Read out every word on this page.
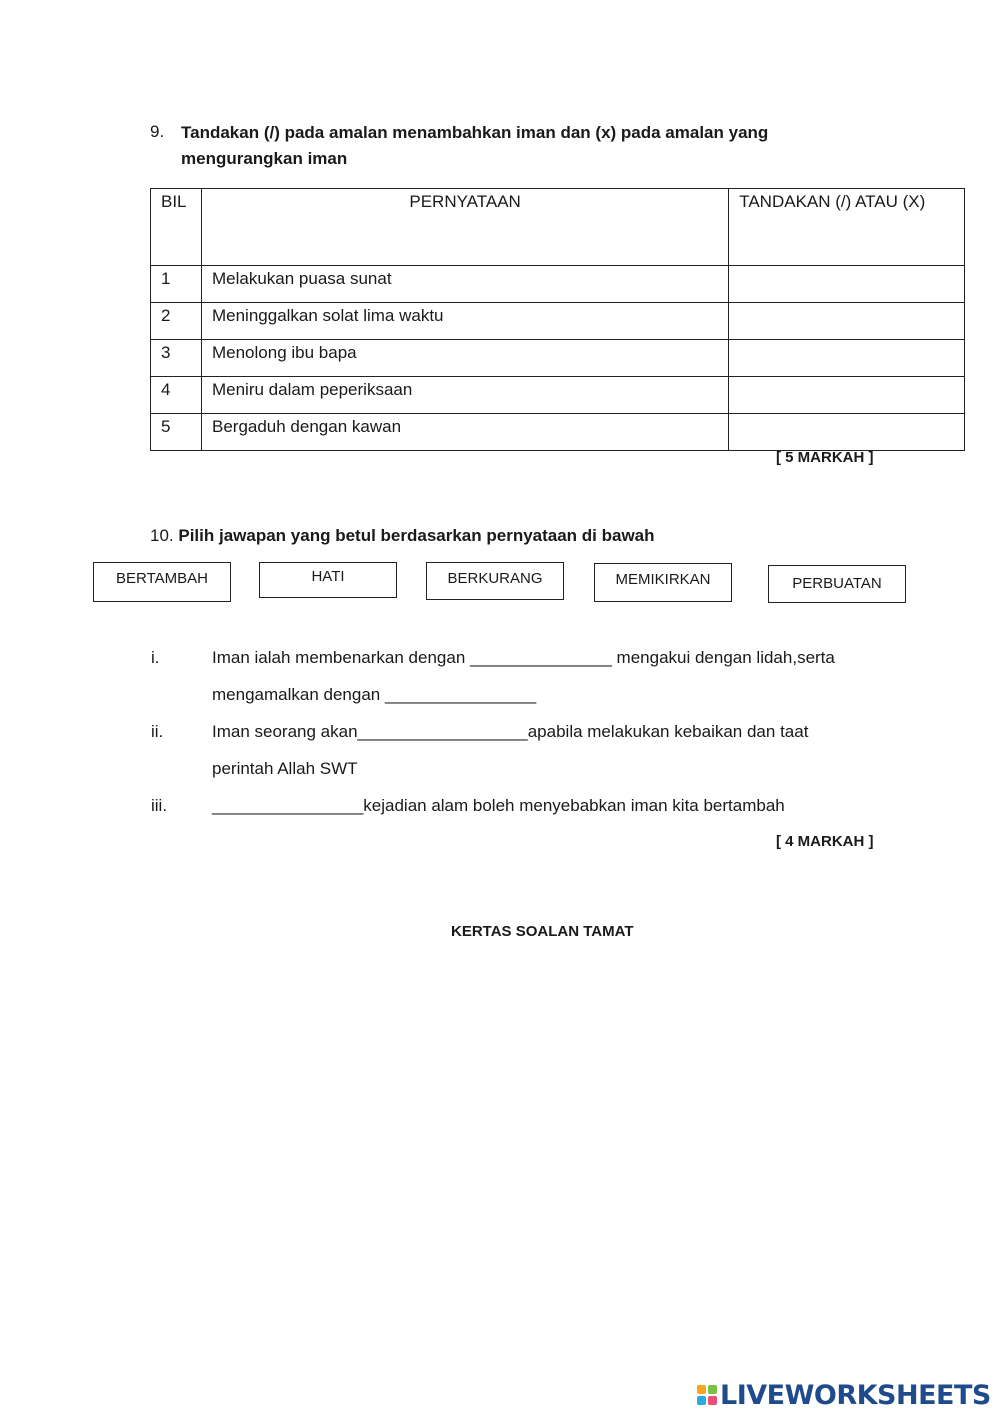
9. Tandakan (/) pada amalan menambahkan iman dan (x) pada amalan yang
mengurangkan iman
BIL	PERNYATAAN	TANDAKAN (/) ATAU (X)
1	Melakukan puasa sunat	
2	Meninggalkan solat lima waktu	
3	Menolong ibu bapa	
4	Meniru dalam peperiksaan	
5	Bergaduh dengan kawan	
[ 5 MARKAH ]
10. Pilih jawapan yang betul berdasarkan pernyataan di bawah
BERTAMBAH	HATI	BERKURANG	MEMIKIRKAN	PERBUATAN
i.	Iman ialah membenarkan dengan _______________ mengakui dengan lidah,serta
mengamalkan dengan ________________
ii.	Iman seorang akan__________________apabila melakukan kebaikan dan taat
perintah Allah SWT
iii.	________________kejadian alam boleh menyebabkan iman kita bertambah
[ 4 MARKAH ]
KERTAS SOALAN TAMAT
LIVEWORKSHEETS
